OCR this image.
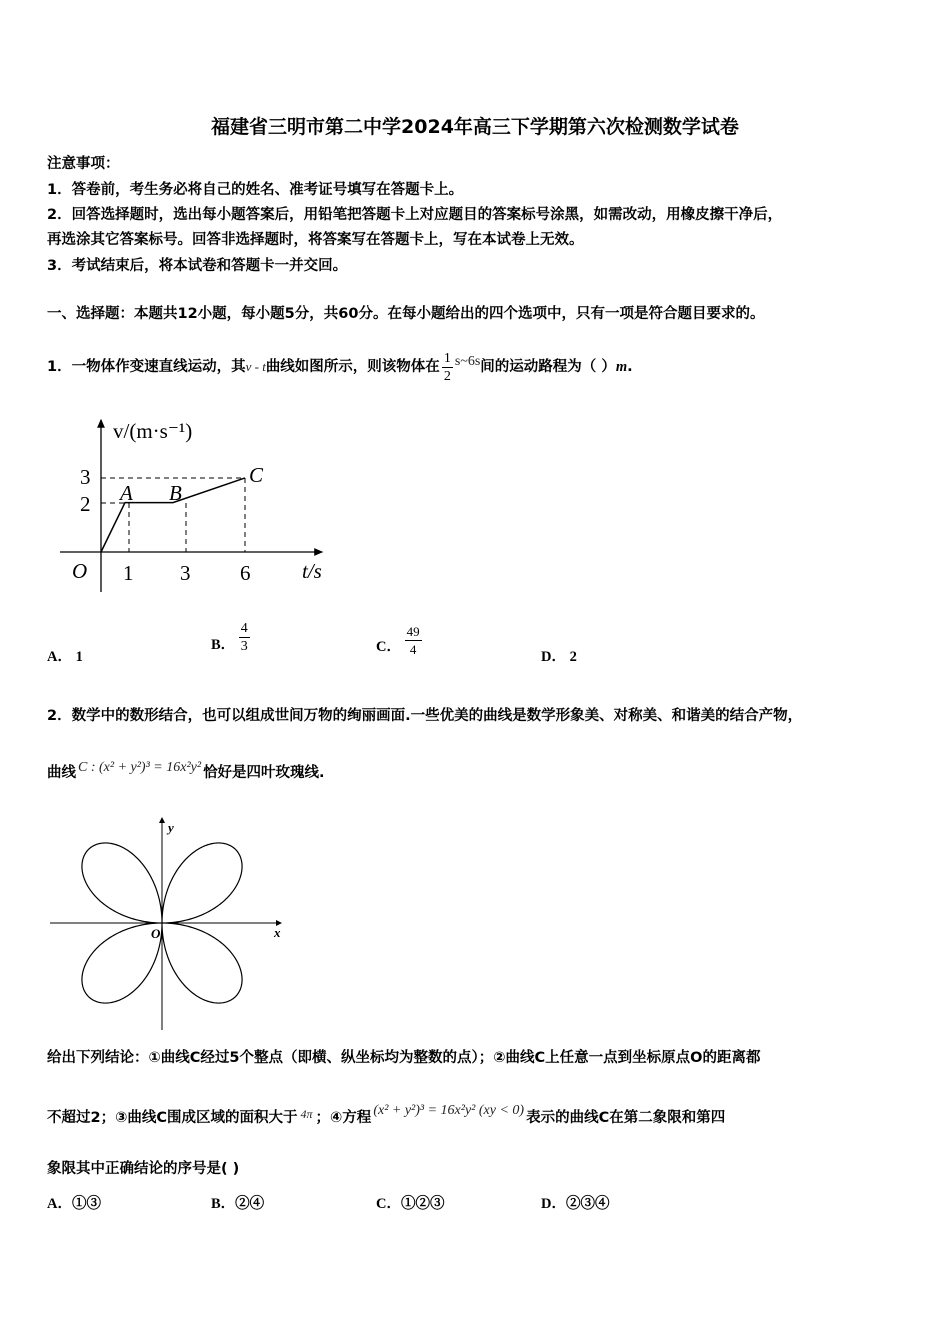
福建省三明市第二中学2024年高三下学期第六次检测数学试卷
注意事项：
1．答卷前，考生务必将自己的姓名、准考证号填写在答题卡上。
2．回答选择题时，选出每小题答案后，用铅笔把答题卡上对应题目的答案标号涂黑，如需改动，用橡皮擦干净后，
再选涂其它答案标号。回答非选择题时，将答案写在答题卡上，写在本试卷上无效。
3．考试结束后，将本试卷和答题卡一并交回。
一、选择题：本题共12小题，每小题5分，共60分。在每小题给出的四个选项中，只有一项是符合题目要求的。
1．一物体作变速直线运动，其v - t曲线如图所示，则该物体在 $\frac{1}{2}$ s~6s间的运动路程为（ ）m.
v/(m·s⁻¹)
t/s
O
3
2
1 3 6
A B
C
A． 1
B． $\frac{4}{3}$	C． $\frac{49}{4}$	D． 2
2．数学中的数形结合，也可以组成世间万物的绚丽画面.一些优美的曲线是数学形象美、对称美、和谐美的结合产物，
曲线 C : (x² + y²)³ = 16x²y² 恰好是四叶玫瑰线.
O	x
y
给出下列结论：①曲线C经过5个整点（即横、纵坐标均为整数的点）；②曲线C上任意一点到坐标原点O的距离都
不超过2；③曲线C围成区域的面积大于 $^{4\pi}$ ；④方程 (x² + y²)³ = 16x²y² (xy < 0) 表示的曲线C在第二象限和第四
象限其中正确结论的序号是( )
A．①③	B．②④	C．①②③	D．②③④
